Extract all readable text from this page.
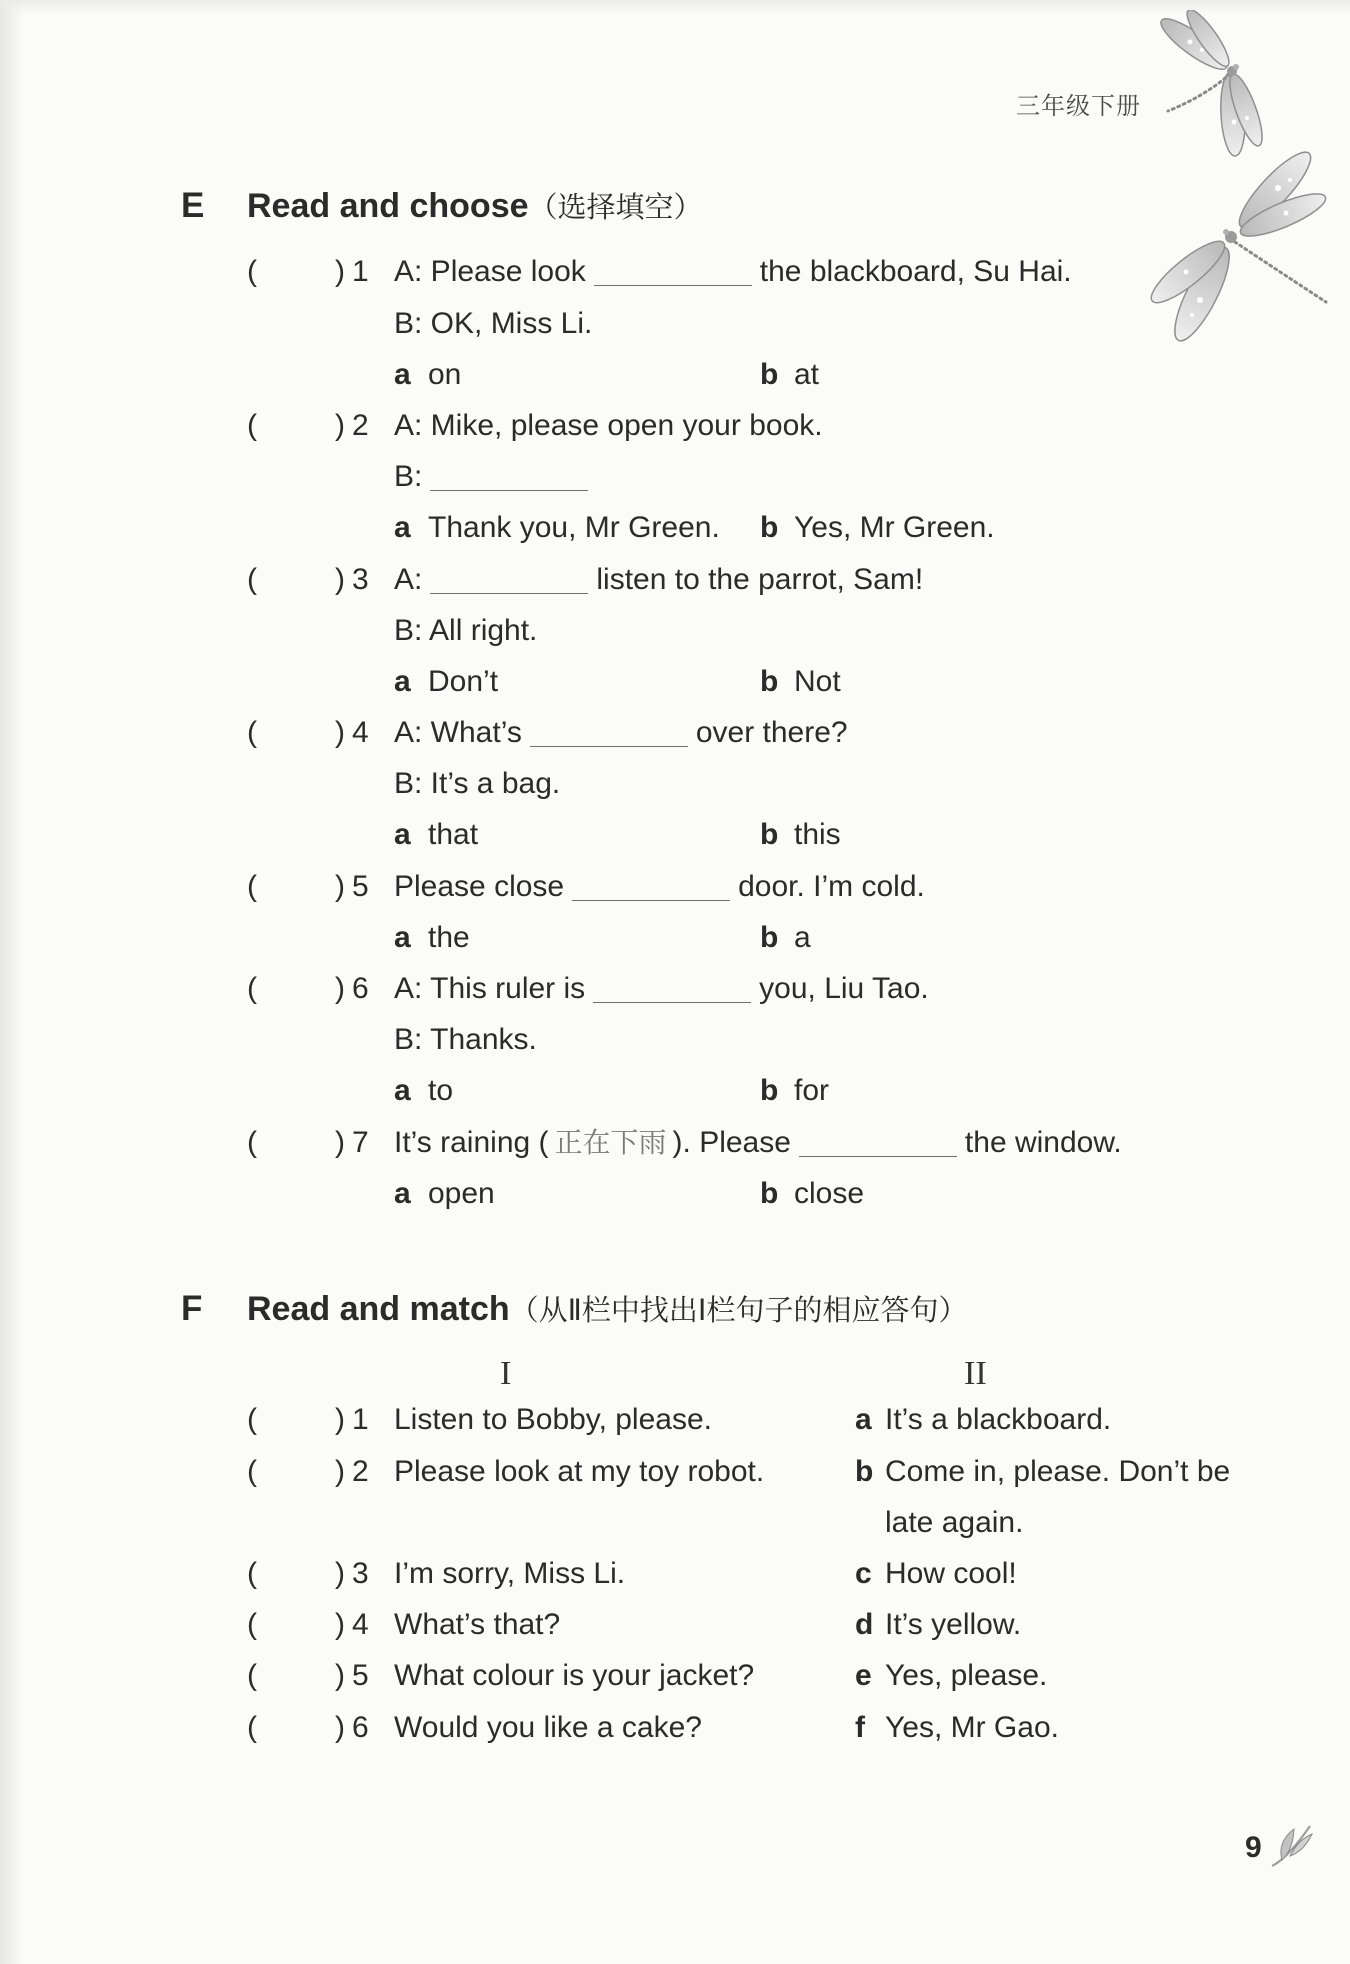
三年级下册
E Read and choose（选择填空）
(	) 1 A: Please look	the blackboard, Su Hai.
B: OK, Miss Li.
a on	b at
(	) 2 A: Mike, please open your book.
B:
a Thank you, Mr Green. b Yes, Mr Green.
(	) 3 A:	listen to the parrot, Sam!
B: All right.
a Don’t	b Not
(	) 4 A: What’s	over there?
B: It’s a bag.
a that	b this
(	) 5 Please close	door. I’m cold.
a the	b a
(	) 6 A: This ruler is	you, Liu Tao.
B: Thanks.
a to	b for
(	) 7 It’s raining ( 正在下雨 ). Please	the window.
a open	b close
F Read and match（从Ⅱ栏中找出Ⅰ栏句子的相应答句）
I	II
(	) 1 Listen to Bobby, please.	a It’s a blackboard.
(	) 2 Please look at my toy robot.	b Come in, please. Don’t be late again.
(	) 3 I’m sorry, Miss Li.	c How cool!
(	) 4 What’s that?	d It’s yellow.
(	) 5 What colour is your jacket?	e Yes, please.
(	) 6 Would you like a cake?	f Yes, Mr Gao.
9
